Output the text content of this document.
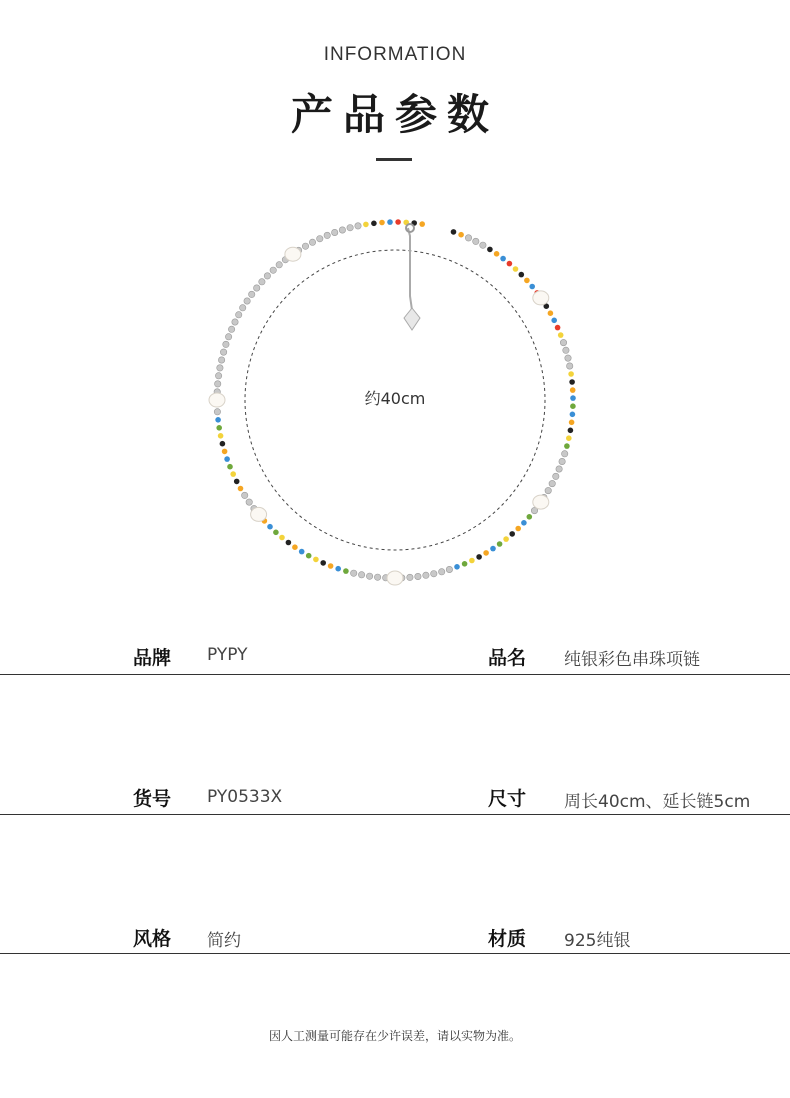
INFORMATION
产品参数
约40cm
品牌 PYPY	品名 纯银彩色串珠项链
货号 PY0533X	尺寸 周长40cm、延长链5cm
风格 简约	材质 925纯银
因人工测量可能存在少许误差，请以实物为准。
